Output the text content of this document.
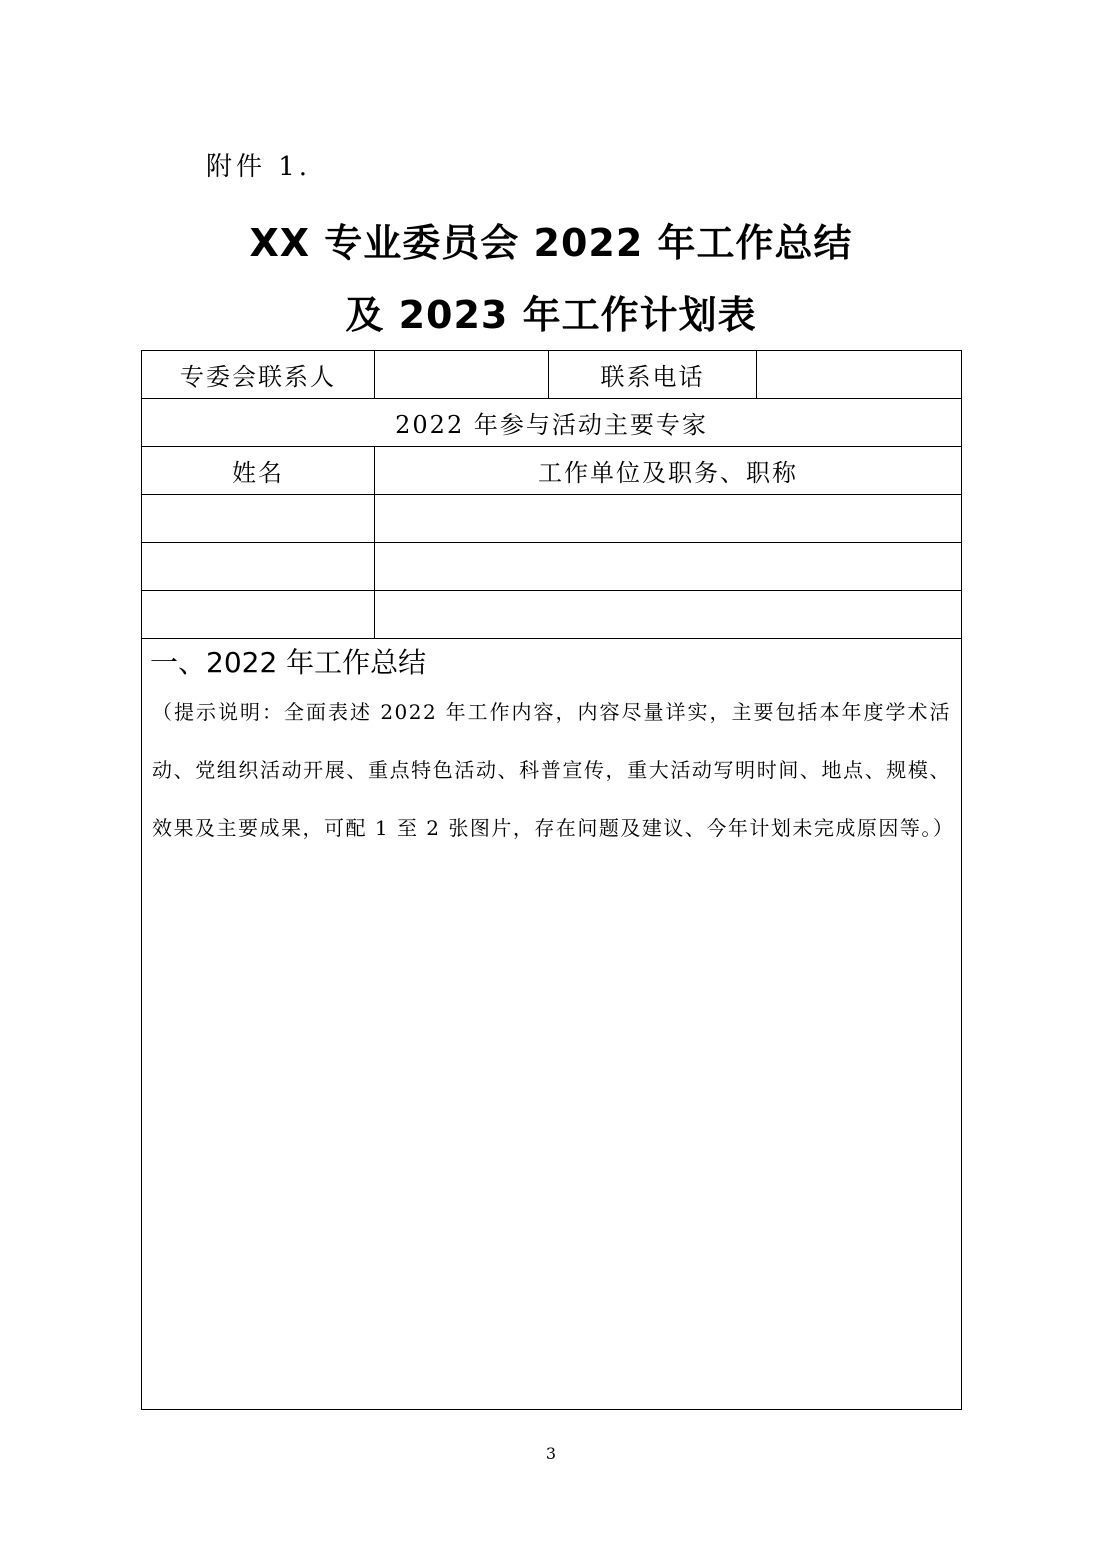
附件 1.
XX 专业委员会 2022 年工作总结
及 2023 年工作计划表
专委会联系人		联系电话	
2022 年参与活动主要专家			
姓名	工作单位及职务、职称		

一、2022 年工作总结
（提示说明：全面表述 2022 年工作内容，内容尽量详实，主要包括本年度学术活动、党组织活动开展、重点特色活动、科普宣传，重大活动写明时间、地点、规模、效果及主要成果，可配 1 至 2 张图片，存在问题及建议、今年计划未完成原因等。）			
3
